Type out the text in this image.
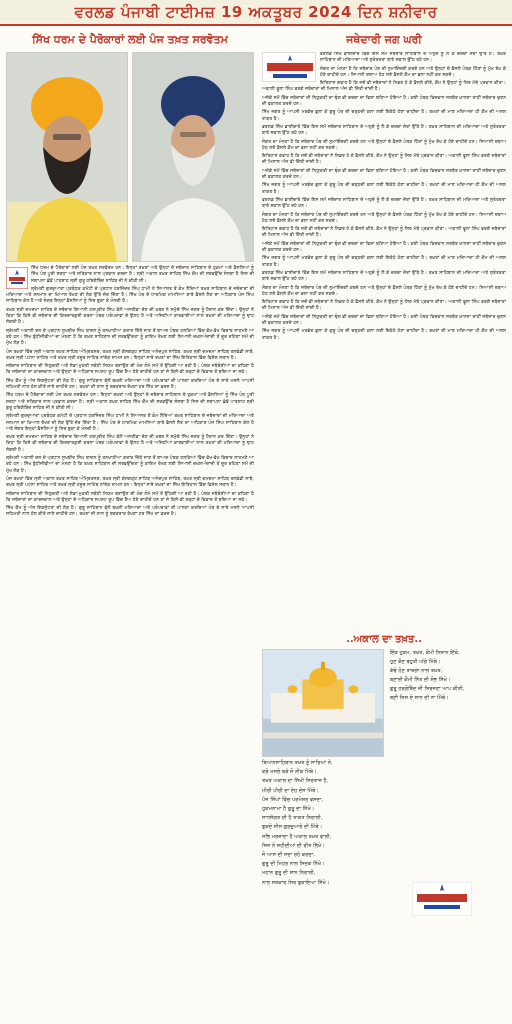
ਵਰਲਡ ਪੰਜਾਬੀ ਟਾਈਮਜ਼ 19 ਅਕਤੂਬਰ 2024 ਦਿਨ ਸ਼ਨੀਵਾਰ
ਸਿੱਖ ਧਰਮ ਦੇ ਪੈਰੋਕਾਰਾਂ ਲਈ ਪੰਜ ਤਖ਼ਤ ਸਰਵੋਤਮ

ਸਿੱਖ ਧਰਮ ਦੇ ਪੈਰੋਕਾਰਾਂ ਲਈ ਪੰਜ ਤਖ਼ਤ ਸਰਵੋਤਮ ਹਨ। ਇਨ੍ਹਾਂ ਤਖ਼ਤਾਂ ਅਤੇ ਉਨ੍ਹਾਂ ਦੇ ਜਥੇਦਾਰ ਸਾਹਿਬਾਨ ਦੇ ਹੁਕਮਾਂ ਅਤੇ ਫ਼ੈਸਲਿਆਂ ਨੂੰ ਸਿੱਖ ਪੰਥ ਪੂਰੀ ਸ਼ਰਧਾ ਅਤੇ ਸਤਿਕਾਰ ਨਾਲ ਪ੍ਰਵਾਨ ਕਰਦਾ ਹੈ। ਸ੍ਰੀ ਅਕਾਲ ਤਖ਼ਤ ਸਾਹਿਬ ਸਿੱਖ ਕੌਮ ਦੀ ਸਰਵਉੱਚ ਸੰਸਥਾ ਹੈ ਜਿਸ ਦੀ ਸਥਾਪਨਾ ਛੇਵੇਂ ਪਾਤਸ਼ਾਹ ਸ੍ਰੀ ਗੁਰੂ ਹਰਿਗੋਬਿੰਦ ਸਾਹਿਬ ਜੀ ਨੇ ਕੀਤੀ ਸੀ।

ਸ਼੍ਰੋਮਣੀ ਗੁਰਦੁਆਰਾ ਪ੍ਰਬੰਧਕ ਕਮੇਟੀ ਦੇ ਪ੍ਰਧਾਨ ਹਰਜਿੰਦਰ ਸਿੰਘ ਧਾਮੀ ਨੇ ਸਿਆਸਤ ਤੋਂ ਕੰਮ ਲੈਂਦਿਆਂ ਤਖ਼ਤ ਸਾਹਿਬਾਨ ਦੇ ਜਥੇਦਾਰਾਂ ਦੀ ਮਰਿਆਦਾ ਅਤੇ ਸਨਮਾਨ ਦਾ ਖ਼ਿਆਲ ਰੱਖਣ ਦੀ ਲੋੜ ਉੱਤੇ ਜ਼ੋਰ ਦਿੱਤਾ ਹੈ। ਸਿੱਖ ਪੰਥ ਦੇ ਧਾਰਮਿਕ ਮਾਮਲਿਆਂ ਬਾਰੇ ਫ਼ੈਸਲੇ ਲੈਣ ਦਾ ਅਧਿਕਾਰ ਪੰਜ ਸਿੰਘ ਸਾਹਿਬਾਨ ਕੋਲ ਹੈ ਅਤੇ ਸੰਗਤ ਇਨ੍ਹਾਂ ਫ਼ੈਸਲਿਆਂ ਨੂੰ ਸਿਰ ਝੁਕਾ ਕੇ ਮੰਨਦੀ ਹੈ।

ਤਖ਼ਤ ਸ੍ਰੀ ਦਮਦਮਾ ਸਾਹਿਬ ਦੇ ਜਥੇਦਾਰ ਗਿਆਨੀ ਹਰਪ੍ਰੀਤ ਸਿੰਘ ਵੱਲੋਂ ਅਸਤੀਫ਼ਾ ਦੇਣ ਦੀ ਖ਼ਬਰ ਨੇ ਸਮੁੱਚੇ ਸਿੱਖ ਜਗਤ ਨੂੰ ਹੈਰਾਨ ਕਰ ਦਿੱਤਾ। ਉਨ੍ਹਾਂ ਨੇ ਕਿਹਾ ਕਿ ਕਿਸੇ ਵੀ ਜਥੇਦਾਰ ਦੀ ਕਿਰਦਾਰਕੁਸ਼ੀ ਕਰਨਾ ਪੰਥਕ ਪਰੰਪਰਾਵਾਂ ਦੇ ਉਲਟ ਹੈ ਅਤੇ ਅਜਿਹੀਆਂ ਕਾਰਵਾਈਆਂ ਨਾਲ ਤਖ਼ਤਾਂ ਦੀ ਮਰਿਆਦਾ ਨੂੰ ਢਾਹ ਲੱਗਦੀ ਹੈ।

ਸ਼੍ਰੋਮਣੀ ਅਕਾਲੀ ਦਲ ਦੇ ਪ੍ਰਧਾਨ ਸੁਖਬੀਰ ਸਿੰਘ ਬਾਦਲ ਨੂੰ ਤਨਖ਼ਾਹੀਆ ਕਰਾਰ ਦਿੱਤੇ ਜਾਣ ਤੋਂ ਬਾਅਦ ਪੰਥਕ ਹਲਕਿਆਂ ਵਿੱਚ ਵੱਖ-ਵੱਖ ਵਿਚਾਰ ਸਾਹਮਣੇ ਆ ਰਹੇ ਹਨ। ਸਿੱਖ ਬੁੱਧੀਜੀਵੀਆਂ ਦਾ ਮੰਨਣਾ ਹੈ ਕਿ ਤਖ਼ਤ ਸਾਹਿਬਾਨ ਦੀ ਸਰਵਉੱਚਤਾ ਨੂੰ ਕਾਇਮ ਰੱਖਣ ਲਈ ਸਿਆਸੀ ਦਖ਼ਲਅੰਦਾਜ਼ੀ ਤੋਂ ਦੂਰ ਰਹਿਣਾ ਸਮੇਂ ਦੀ ਮੁੱਖ ਲੋੜ ਹੈ।

ਪੰਜ ਤਖ਼ਤਾਂ ਵਿੱਚ ਸ੍ਰੀ ਅਕਾਲ ਤਖ਼ਤ ਸਾਹਿਬ ਅੰਮ੍ਰਿਤਸਰ, ਤਖ਼ਤ ਸ੍ਰੀ ਕੇਸਗੜ੍ਹ ਸਾਹਿਬ ਅਨੰਦਪੁਰ ਸਾਹਿਬ, ਤਖ਼ਤ ਸ੍ਰੀ ਦਮਦਮਾ ਸਾਹਿਬ ਤਲਵੰਡੀ ਸਾਬੋ, ਤਖ਼ਤ ਸ੍ਰੀ ਪਟਨਾ ਸਾਹਿਬ ਅਤੇ ਤਖ਼ਤ ਸ੍ਰੀ ਹਜ਼ੂਰ ਸਾਹਿਬ ਨਾਂਦੇੜ ਸ਼ਾਮਲ ਹਨ। ਇਨ੍ਹਾਂ ਸਾਰੇ ਤਖ਼ਤਾਂ ਦਾ ਸਿੱਖ ਇਤਿਹਾਸ ਵਿੱਚ ਵਿਸ਼ੇਸ਼ ਸਥਾਨ ਹੈ।

ਜਥੇਦਾਰ ਸਾਹਿਬਾਨ ਦੀ ਨਿਯੁਕਤੀ ਅਤੇ ਸੇਵਾ-ਮੁਕਤੀ ਸਬੰਧੀ ਨਿਯਮ ਬਣਾਉਣ ਦੀ ਮੰਗ ਲੰਮੇ ਸਮੇਂ ਤੋਂ ਉੱਠਦੀ ਆ ਰਹੀ ਹੈ। ਪੰਥਕ ਜਥੇਬੰਦੀਆਂ ਦਾ ਕਹਿਣਾ ਹੈ ਕਿ ਜਥੇਦਾਰਾਂ ਦਾ ਕਾਰਜਕਾਲ ਅਤੇ ਉਨ੍ਹਾਂ ਦੇ ਅਧਿਕਾਰ ਸਪਸ਼ਟ ਰੂਪ ਵਿੱਚ ਤੈਅ ਹੋਣੇ ਚਾਹੀਦੇ ਹਨ ਤਾਂ ਜੋ ਕਿਸੇ ਵੀ ਤਰ੍ਹਾਂ ਦੇ ਵਿਵਾਦ ਤੋਂ ਬਚਿਆ ਜਾ ਸਕੇ।

ਸਿੱਖ ਕੌਮ ਨੂੰ ਅੱਜ ਇਕਜੁੱਟਤਾ ਦੀ ਲੋੜ ਹੈ। ਗੁਰੂ ਸਾਹਿਬਾਨ ਵੱਲੋਂ ਬਖ਼ਸ਼ੀ ਮਰਿਆਦਾ ਅਤੇ ਪਰੰਪਰਾਵਾਂ ਦੀ ਪਾਲਣਾ ਕਰਦਿਆਂ ਪੰਥ ਦੇ ਸਾਰੇ ਮਸਲੇ ਆਪਸੀ ਸਹਿਮਤੀ ਨਾਲ ਹੱਲ ਕੀਤੇ ਜਾਣੇ ਚਾਹੀਦੇ ਹਨ। ਤਖ਼ਤਾਂ ਦੀ ਸ਼ਾਨ ਨੂੰ ਬਰਕਰਾਰ ਰੱਖਣਾ ਹਰ ਸਿੱਖ ਦਾ ਫ਼ਰਜ਼ ਹੈ।

ਸਿੱਖ ਧਰਮ ਦੇ ਪੈਰੋਕਾਰਾਂ ਲਈ ਪੰਜ ਤਖ਼ਤ ਸਰਵੋਤਮ ਹਨ। ਇਨ੍ਹਾਂ ਤਖ਼ਤਾਂ ਅਤੇ ਉਨ੍ਹਾਂ ਦੇ ਜਥੇਦਾਰ ਸਾਹਿਬਾਨ ਦੇ ਹੁਕਮਾਂ ਅਤੇ ਫ਼ੈਸਲਿਆਂ ਨੂੰ ਸਿੱਖ ਪੰਥ ਪੂਰੀ ਸ਼ਰਧਾ ਅਤੇ ਸਤਿਕਾਰ ਨਾਲ ਪ੍ਰਵਾਨ ਕਰਦਾ ਹੈ। ਸ੍ਰੀ ਅਕਾਲ ਤਖ਼ਤ ਸਾਹਿਬ ਸਿੱਖ ਕੌਮ ਦੀ ਸਰਵਉੱਚ ਸੰਸਥਾ ਹੈ ਜਿਸ ਦੀ ਸਥਾਪਨਾ ਛੇਵੇਂ ਪਾਤਸ਼ਾਹ ਸ੍ਰੀ ਗੁਰੂ ਹਰਿਗੋਬਿੰਦ ਸਾਹਿਬ ਜੀ ਨੇ ਕੀਤੀ ਸੀ।

ਸ਼੍ਰੋਮਣੀ ਗੁਰਦੁਆਰਾ ਪ੍ਰਬੰਧਕ ਕਮੇਟੀ ਦੇ ਪ੍ਰਧਾਨ ਹਰਜਿੰਦਰ ਸਿੰਘ ਧਾਮੀ ਨੇ ਸਿਆਸਤ ਤੋਂ ਕੰਮ ਲੈਂਦਿਆਂ ਤਖ਼ਤ ਸਾਹਿਬਾਨ ਦੇ ਜਥੇਦਾਰਾਂ ਦੀ ਮਰਿਆਦਾ ਅਤੇ ਸਨਮਾਨ ਦਾ ਖ਼ਿਆਲ ਰੱਖਣ ਦੀ ਲੋੜ ਉੱਤੇ ਜ਼ੋਰ ਦਿੱਤਾ ਹੈ। ਸਿੱਖ ਪੰਥ ਦੇ ਧਾਰਮਿਕ ਮਾਮਲਿਆਂ ਬਾਰੇ ਫ਼ੈਸਲੇ ਲੈਣ ਦਾ ਅਧਿਕਾਰ ਪੰਜ ਸਿੰਘ ਸਾਹਿਬਾਨ ਕੋਲ ਹੈ ਅਤੇ ਸੰਗਤ ਇਨ੍ਹਾਂ ਫ਼ੈਸਲਿਆਂ ਨੂੰ ਸਿਰ ਝੁਕਾ ਕੇ ਮੰਨਦੀ ਹੈ।

ਤਖ਼ਤ ਸ੍ਰੀ ਦਮਦਮਾ ਸਾਹਿਬ ਦੇ ਜਥੇਦਾਰ ਗਿਆਨੀ ਹਰਪ੍ਰੀਤ ਸਿੰਘ ਵੱਲੋਂ ਅਸਤੀਫ਼ਾ ਦੇਣ ਦੀ ਖ਼ਬਰ ਨੇ ਸਮੁੱਚੇ ਸਿੱਖ ਜਗਤ ਨੂੰ ਹੈਰਾਨ ਕਰ ਦਿੱਤਾ। ਉਨ੍ਹਾਂ ਨੇ ਕਿਹਾ ਕਿ ਕਿਸੇ ਵੀ ਜਥੇਦਾਰ ਦੀ ਕਿਰਦਾਰਕੁਸ਼ੀ ਕਰਨਾ ਪੰਥਕ ਪਰੰਪਰਾਵਾਂ ਦੇ ਉਲਟ ਹੈ ਅਤੇ ਅਜਿਹੀਆਂ ਕਾਰਵਾਈਆਂ ਨਾਲ ਤਖ਼ਤਾਂ ਦੀ ਮਰਿਆਦਾ ਨੂੰ ਢਾਹ ਲੱਗਦੀ ਹੈ।

ਸ਼੍ਰੋਮਣੀ ਅਕਾਲੀ ਦਲ ਦੇ ਪ੍ਰਧਾਨ ਸੁਖਬੀਰ ਸਿੰਘ ਬਾਦਲ ਨੂੰ ਤਨਖ਼ਾਹੀਆ ਕਰਾਰ ਦਿੱਤੇ ਜਾਣ ਤੋਂ ਬਾਅਦ ਪੰਥਕ ਹਲਕਿਆਂ ਵਿੱਚ ਵੱਖ-ਵੱਖ ਵਿਚਾਰ ਸਾਹਮਣੇ ਆ ਰਹੇ ਹਨ। ਸਿੱਖ ਬੁੱਧੀਜੀਵੀਆਂ ਦਾ ਮੰਨਣਾ ਹੈ ਕਿ ਤਖ਼ਤ ਸਾਹਿਬਾਨ ਦੀ ਸਰਵਉੱਚਤਾ ਨੂੰ ਕਾਇਮ ਰੱਖਣ ਲਈ ਸਿਆਸੀ ਦਖ਼ਲਅੰਦਾਜ਼ੀ ਤੋਂ ਦੂਰ ਰਹਿਣਾ ਸਮੇਂ ਦੀ ਮੁੱਖ ਲੋੜ ਹੈ।

ਪੰਜ ਤਖ਼ਤਾਂ ਵਿੱਚ ਸ੍ਰੀ ਅਕਾਲ ਤਖ਼ਤ ਸਾਹਿਬ ਅੰਮ੍ਰਿਤਸਰ, ਤਖ਼ਤ ਸ੍ਰੀ ਕੇਸਗੜ੍ਹ ਸਾਹਿਬ ਅਨੰਦਪੁਰ ਸਾਹਿਬ, ਤਖ਼ਤ ਸ੍ਰੀ ਦਮਦਮਾ ਸਾਹਿਬ ਤਲਵੰਡੀ ਸਾਬੋ, ਤਖ਼ਤ ਸ੍ਰੀ ਪਟਨਾ ਸਾਹਿਬ ਅਤੇ ਤਖ਼ਤ ਸ੍ਰੀ ਹਜ਼ੂਰ ਸਾਹਿਬ ਨਾਂਦੇੜ ਸ਼ਾਮਲ ਹਨ। ਇਨ੍ਹਾਂ ਸਾਰੇ ਤਖ਼ਤਾਂ ਦਾ ਸਿੱਖ ਇਤਿਹਾਸ ਵਿੱਚ ਵਿਸ਼ੇਸ਼ ਸਥਾਨ ਹੈ।

ਜਥੇਦਾਰ ਸਾਹਿਬਾਨ ਦੀ ਨਿਯੁਕਤੀ ਅਤੇ ਸੇਵਾ-ਮੁਕਤੀ ਸਬੰਧੀ ਨਿਯਮ ਬਣਾਉਣ ਦੀ ਮੰਗ ਲੰਮੇ ਸਮੇਂ ਤੋਂ ਉੱਠਦੀ ਆ ਰਹੀ ਹੈ। ਪੰਥਕ ਜਥੇਬੰਦੀਆਂ ਦਾ ਕਹਿਣਾ ਹੈ ਕਿ ਜਥੇਦਾਰਾਂ ਦਾ ਕਾਰਜਕਾਲ ਅਤੇ ਉਨ੍ਹਾਂ ਦੇ ਅਧਿਕਾਰ ਸਪਸ਼ਟ ਰੂਪ ਵਿੱਚ ਤੈਅ ਹੋਣੇ ਚਾਹੀਦੇ ਹਨ ਤਾਂ ਜੋ ਕਿਸੇ ਵੀ ਤਰ੍ਹਾਂ ਦੇ ਵਿਵਾਦ ਤੋਂ ਬਚਿਆ ਜਾ ਸਕੇ।

ਸਿੱਖ ਕੌਮ ਨੂੰ ਅੱਜ ਇਕਜੁੱਟਤਾ ਦੀ ਲੋੜ ਹੈ। ਗੁਰੂ ਸਾਹਿਬਾਨ ਵੱਲੋਂ ਬਖ਼ਸ਼ੀ ਮਰਿਆਦਾ ਅਤੇ ਪਰੰਪਰਾਵਾਂ ਦੀ ਪਾਲਣਾ ਕਰਦਿਆਂ ਪੰਥ ਦੇ ਸਾਰੇ ਮਸਲੇ ਆਪਸੀ ਸਹਿਮਤੀ ਨਾਲ ਹੱਲ ਕੀਤੇ ਜਾਣੇ ਚਾਹੀਦੇ ਹਨ। ਤਖ਼ਤਾਂ ਦੀ ਸ਼ਾਨ ਨੂੰ ਬਰਕਰਾਰ ਰੱਖਣਾ ਹਰ ਸਿੱਖ ਦਾ ਫ਼ਰਜ਼ ਹੈ।

ਜਥੇਦਾਰੀ ਜਗ ਘਰੀ

ਵਰਲਡ ਸਿੱਖ ਭਾਈਚਾਰੇ ਵਿੱਚ ਇਸ ਸਮੇਂ ਜਥੇਦਾਰ ਸਾਹਿਬਾਨ ਦੇ ਅਹੁਦੇ ਨੂੰ ਲੈ ਕੇ ਚਰਚਾ ਜ਼ੋਰਾਂ ਉੱਤੇ ਹੈ। ਤਖ਼ਤ ਸਾਹਿਬਾਨ ਦੀ ਮਰਿਆਦਾ ਅਤੇ ਸੁਤੰਤਰਤਾ ਬਾਰੇ ਸਵਾਲ ਉੱਠ ਰਹੇ ਹਨ।

ਸੰਗਤ ਦਾ ਮੰਨਣਾ ਹੈ ਕਿ ਜਥੇਦਾਰ ਪੰਥ ਦੀ ਨੁਮਾਇੰਦਗੀ ਕਰਦੇ ਹਨ ਅਤੇ ਉਨ੍ਹਾਂ ਦੇ ਫ਼ੈਸਲੇ ਪੰਥਕ ਹਿੱਤਾਂ ਨੂੰ ਮੁੱਖ ਰੱਖ ਕੇ ਹੋਣੇ ਚਾਹੀਦੇ ਹਨ। ਸਿਆਸੀ ਦਬਾਅ ਹੇਠ ਲਏ ਫ਼ੈਸਲੇ ਕੌਮ ਦਾ ਭਲਾ ਨਹੀਂ ਕਰ ਸਕਦੇ।

ਇਤਿਹਾਸ ਗਵਾਹ ਹੈ ਕਿ ਜਦੋਂ ਵੀ ਜਥੇਦਾਰਾਂ ਨੇ ਨਿਡਰ ਹੋ ਕੇ ਫ਼ੈਸਲੇ ਕੀਤੇ, ਕੌਮ ਨੇ ਉਨ੍ਹਾਂ ਨੂੰ ਸਿਰ ਮੱਥੇ ਪ੍ਰਵਾਨ ਕੀਤਾ। ਅਕਾਲੀ ਫੂਲਾ ਸਿੰਘ ਵਰਗੇ ਜਥੇਦਾਰਾਂ ਦੀ ਮਿਸਾਲ ਅੱਜ ਵੀ ਦਿੱਤੀ ਜਾਂਦੀ ਹੈ।

ਅਜੋਕੇ ਸਮੇਂ ਵਿੱਚ ਜਥੇਦਾਰਾਂ ਦੀ ਨਿਯੁਕਤੀ ਦਾ ਢੰਗ ਵੀ ਚਰਚਾ ਦਾ ਵਿਸ਼ਾ ਬਣਿਆ ਹੋਇਆ ਹੈ। ਕਈ ਪੰਥਕ ਵਿਦਵਾਨ ਸਰਬੱਤ ਖ਼ਾਲਸਾ ਰਾਹੀਂ ਜਥੇਦਾਰ ਚੁਣਨ ਦੀ ਵਕਾਲਤ ਕਰਦੇ ਹਨ।

ਸਿੱਖ ਜਗਤ ਨੂੰ ਆਪਸੀ ਮਤਭੇਦ ਭੁਲਾ ਕੇ ਗੁਰੂ ਪੰਥ ਦੀ ਚੜ੍ਹਦੀ ਕਲਾ ਲਈ ਇਕੱਠੇ ਹੋਣਾ ਚਾਹੀਦਾ ਹੈ। ਤਖ਼ਤਾਂ ਦੀ ਮਾਣ ਮਰਿਆਦਾ ਹੀ ਕੌਮ ਦੀ ਅਸਲ ਤਾਕਤ ਹੈ।

ਵਰਲਡ ਸਿੱਖ ਭਾਈਚਾਰੇ ਵਿੱਚ ਇਸ ਸਮੇਂ ਜਥੇਦਾਰ ਸਾਹਿਬਾਨ ਦੇ ਅਹੁਦੇ ਨੂੰ ਲੈ ਕੇ ਚਰਚਾ ਜ਼ੋਰਾਂ ਉੱਤੇ ਹੈ। ਤਖ਼ਤ ਸਾਹਿਬਾਨ ਦੀ ਮਰਿਆਦਾ ਅਤੇ ਸੁਤੰਤਰਤਾ ਬਾਰੇ ਸਵਾਲ ਉੱਠ ਰਹੇ ਹਨ।

ਸੰਗਤ ਦਾ ਮੰਨਣਾ ਹੈ ਕਿ ਜਥੇਦਾਰ ਪੰਥ ਦੀ ਨੁਮਾਇੰਦਗੀ ਕਰਦੇ ਹਨ ਅਤੇ ਉਨ੍ਹਾਂ ਦੇ ਫ਼ੈਸਲੇ ਪੰਥਕ ਹਿੱਤਾਂ ਨੂੰ ਮੁੱਖ ਰੱਖ ਕੇ ਹੋਣੇ ਚਾਹੀਦੇ ਹਨ। ਸਿਆਸੀ ਦਬਾਅ ਹੇਠ ਲਏ ਫ਼ੈਸਲੇ ਕੌਮ ਦਾ ਭਲਾ ਨਹੀਂ ਕਰ ਸਕਦੇ।

ਇਤਿਹਾਸ ਗਵਾਹ ਹੈ ਕਿ ਜਦੋਂ ਵੀ ਜਥੇਦਾਰਾਂ ਨੇ ਨਿਡਰ ਹੋ ਕੇ ਫ਼ੈਸਲੇ ਕੀਤੇ, ਕੌਮ ਨੇ ਉਨ੍ਹਾਂ ਨੂੰ ਸਿਰ ਮੱਥੇ ਪ੍ਰਵਾਨ ਕੀਤਾ। ਅਕਾਲੀ ਫੂਲਾ ਸਿੰਘ ਵਰਗੇ ਜਥੇਦਾਰਾਂ ਦੀ ਮਿਸਾਲ ਅੱਜ ਵੀ ਦਿੱਤੀ ਜਾਂਦੀ ਹੈ।

ਅਜੋਕੇ ਸਮੇਂ ਵਿੱਚ ਜਥੇਦਾਰਾਂ ਦੀ ਨਿਯੁਕਤੀ ਦਾ ਢੰਗ ਵੀ ਚਰਚਾ ਦਾ ਵਿਸ਼ਾ ਬਣਿਆ ਹੋਇਆ ਹੈ। ਕਈ ਪੰਥਕ ਵਿਦਵਾਨ ਸਰਬੱਤ ਖ਼ਾਲਸਾ ਰਾਹੀਂ ਜਥੇਦਾਰ ਚੁਣਨ ਦੀ ਵਕਾਲਤ ਕਰਦੇ ਹਨ।

ਸਿੱਖ ਜਗਤ ਨੂੰ ਆਪਸੀ ਮਤਭੇਦ ਭੁਲਾ ਕੇ ਗੁਰੂ ਪੰਥ ਦੀ ਚੜ੍ਹਦੀ ਕਲਾ ਲਈ ਇਕੱਠੇ ਹੋਣਾ ਚਾਹੀਦਾ ਹੈ। ਤਖ਼ਤਾਂ ਦੀ ਮਾਣ ਮਰਿਆਦਾ ਹੀ ਕੌਮ ਦੀ ਅਸਲ ਤਾਕਤ ਹੈ।

ਵਰਲਡ ਸਿੱਖ ਭਾਈਚਾਰੇ ਵਿੱਚ ਇਸ ਸਮੇਂ ਜਥੇਦਾਰ ਸਾਹਿਬਾਨ ਦੇ ਅਹੁਦੇ ਨੂੰ ਲੈ ਕੇ ਚਰਚਾ ਜ਼ੋਰਾਂ ਉੱਤੇ ਹੈ। ਤਖ਼ਤ ਸਾਹਿਬਾਨ ਦੀ ਮਰਿਆਦਾ ਅਤੇ ਸੁਤੰਤਰਤਾ ਬਾਰੇ ਸਵਾਲ ਉੱਠ ਰਹੇ ਹਨ।

ਸੰਗਤ ਦਾ ਮੰਨਣਾ ਹੈ ਕਿ ਜਥੇਦਾਰ ਪੰਥ ਦੀ ਨੁਮਾਇੰਦਗੀ ਕਰਦੇ ਹਨ ਅਤੇ ਉਨ੍ਹਾਂ ਦੇ ਫ਼ੈਸਲੇ ਪੰਥਕ ਹਿੱਤਾਂ ਨੂੰ ਮੁੱਖ ਰੱਖ ਕੇ ਹੋਣੇ ਚਾਹੀਦੇ ਹਨ। ਸਿਆਸੀ ਦਬਾਅ ਹੇਠ ਲਏ ਫ਼ੈਸਲੇ ਕੌਮ ਦਾ ਭਲਾ ਨਹੀਂ ਕਰ ਸਕਦੇ।

ਇਤਿਹਾਸ ਗਵਾਹ ਹੈ ਕਿ ਜਦੋਂ ਵੀ ਜਥੇਦਾਰਾਂ ਨੇ ਨਿਡਰ ਹੋ ਕੇ ਫ਼ੈਸਲੇ ਕੀਤੇ, ਕੌਮ ਨੇ ਉਨ੍ਹਾਂ ਨੂੰ ਸਿਰ ਮੱਥੇ ਪ੍ਰਵਾਨ ਕੀਤਾ। ਅਕਾਲੀ ਫੂਲਾ ਸਿੰਘ ਵਰਗੇ ਜਥੇਦਾਰਾਂ ਦੀ ਮਿਸਾਲ ਅੱਜ ਵੀ ਦਿੱਤੀ ਜਾਂਦੀ ਹੈ।

ਅਜੋਕੇ ਸਮੇਂ ਵਿੱਚ ਜਥੇਦਾਰਾਂ ਦੀ ਨਿਯੁਕਤੀ ਦਾ ਢੰਗ ਵੀ ਚਰਚਾ ਦਾ ਵਿਸ਼ਾ ਬਣਿਆ ਹੋਇਆ ਹੈ। ਕਈ ਪੰਥਕ ਵਿਦਵਾਨ ਸਰਬੱਤ ਖ਼ਾਲਸਾ ਰਾਹੀਂ ਜਥੇਦਾਰ ਚੁਣਨ ਦੀ ਵਕਾਲਤ ਕਰਦੇ ਹਨ।

ਸਿੱਖ ਜਗਤ ਨੂੰ ਆਪਸੀ ਮਤਭੇਦ ਭੁਲਾ ਕੇ ਗੁਰੂ ਪੰਥ ਦੀ ਚੜ੍ਹਦੀ ਕਲਾ ਲਈ ਇਕੱਠੇ ਹੋਣਾ ਚਾਹੀਦਾ ਹੈ। ਤਖ਼ਤਾਂ ਦੀ ਮਾਣ ਮਰਿਆਦਾ ਹੀ ਕੌਮ ਦੀ ਅਸਲ ਤਾਕਤ ਹੈ।

ਵਰਲਡ ਸਿੱਖ ਭਾਈਚਾਰੇ ਵਿੱਚ ਇਸ ਸਮੇਂ ਜਥੇਦਾਰ ਸਾਹਿਬਾਨ ਦੇ ਅਹੁਦੇ ਨੂੰ ਲੈ ਕੇ ਚਰਚਾ ਜ਼ੋਰਾਂ ਉੱਤੇ ਹੈ। ਤਖ਼ਤ ਸਾਹਿਬਾਨ ਦੀ ਮਰਿਆਦਾ ਅਤੇ ਸੁਤੰਤਰਤਾ ਬਾਰੇ ਸਵਾਲ ਉੱਠ ਰਹੇ ਹਨ।

ਸੰਗਤ ਦਾ ਮੰਨਣਾ ਹੈ ਕਿ ਜਥੇਦਾਰ ਪੰਥ ਦੀ ਨੁਮਾਇੰਦਗੀ ਕਰਦੇ ਹਨ ਅਤੇ ਉਨ੍ਹਾਂ ਦੇ ਫ਼ੈਸਲੇ ਪੰਥਕ ਹਿੱਤਾਂ ਨੂੰ ਮੁੱਖ ਰੱਖ ਕੇ ਹੋਣੇ ਚਾਹੀਦੇ ਹਨ। ਸਿਆਸੀ ਦਬਾਅ ਹੇਠ ਲਏ ਫ਼ੈਸਲੇ ਕੌਮ ਦਾ ਭਲਾ ਨਹੀਂ ਕਰ ਸਕਦੇ।

ਇਤਿਹਾਸ ਗਵਾਹ ਹੈ ਕਿ ਜਦੋਂ ਵੀ ਜਥੇਦਾਰਾਂ ਨੇ ਨਿਡਰ ਹੋ ਕੇ ਫ਼ੈਸਲੇ ਕੀਤੇ, ਕੌਮ ਨੇ ਉਨ੍ਹਾਂ ਨੂੰ ਸਿਰ ਮੱਥੇ ਪ੍ਰਵਾਨ ਕੀਤਾ। ਅਕਾਲੀ ਫੂਲਾ ਸਿੰਘ ਵਰਗੇ ਜਥੇਦਾਰਾਂ ਦੀ ਮਿਸਾਲ ਅੱਜ ਵੀ ਦਿੱਤੀ ਜਾਂਦੀ ਹੈ।

ਅਜੋਕੇ ਸਮੇਂ ਵਿੱਚ ਜਥੇਦਾਰਾਂ ਦੀ ਨਿਯੁਕਤੀ ਦਾ ਢੰਗ ਵੀ ਚਰਚਾ ਦਾ ਵਿਸ਼ਾ ਬਣਿਆ ਹੋਇਆ ਹੈ। ਕਈ ਪੰਥਕ ਵਿਦਵਾਨ ਸਰਬੱਤ ਖ਼ਾਲਸਾ ਰਾਹੀਂ ਜਥੇਦਾਰ ਚੁਣਨ ਦੀ ਵਕਾਲਤ ਕਰਦੇ ਹਨ।

ਸਿੱਖ ਜਗਤ ਨੂੰ ਆਪਸੀ ਮਤਭੇਦ ਭੁਲਾ ਕੇ ਗੁਰੂ ਪੰਥ ਦੀ ਚੜ੍ਹਦੀ ਕਲਾ ਲਈ ਇਕੱਠੇ ਹੋਣਾ ਚਾਹੀਦਾ ਹੈ। ਤਖ਼ਤਾਂ ਦੀ ਮਾਣ ਮਰਿਆਦਾ ਹੀ ਕੌਮ ਦੀ ਅਸਲ ਤਾਕਤ ਹੈ।

..ਅਕਾਲ ਦਾ ਤਖ਼ਤ..
ਇੱਕ ਹੁਕਮ, ਤਖ਼ਤ, ਕੌਮੀ ਨਿਸ਼ਾਨ ਇੱਕੋ,
ਹੁਣ ਕੌਣ ਬਹੁਤੀ ਅੱਗੇ ਮਿੱਥੇ।
ਕੱਢੇ ਹੋਣ ਤਾਜ਼ਗਾ ਨਾਲ ਤਖ਼ਤ,
ਬਣਾਈ ਕੌਮੀ ਨਿੱਤ ਦੀ ਸ਼ੋਭ ਸਿੱਖੇ।
ਗੁਰੂ ਹਰਗੋਬਿੰਦ ਜੀ ਸਿਰਜਣਾ ਆਪ ਕੀਤੀ,
ਬਣੀ ਜਿਸ ਦੇ ਸ਼ਾਨ ਦੀ ਨਾ ਮਿੱਥੇ।
ਬਿਆਨਸਾਹਿਬਾਨ ਤਖ਼ਤ ਨੂੰ ਸਾਰਿਆਂ ਨੇ,
ਕਰੇ ਮਸਲੇ ਬੜੇ ਜੋ ਨੀਕ ਮਿੱਥੇ।
ਤਖ਼ਤ ਅਕਾਲ ਦਾ ਸਿੱਖੀ ਸਿਰਤਾਜ ਹੈ,
ਮੀਰੀ ਪੀਰੀ ਦਾ ਏਹ ਦੇਸ ਮਿੱਥੇ।
ਪੰਜ ਸਿੰਘਾਂ ਵਿੱਚ ਪਰਮੇਸ਼ਰ ਵਸਦਾ,
ਹੁਕਮਨਾਮਾ ਹੈ ਗੁਰੂ ਦਾ ਸਿੱਖੇ।
ਸਾਧਸੰਗਤ ਦੀ ਹੈ ਤਾਕਤ ਨਿਰਾਲੀ,
ਝੁਕਦੇ ਸੀਸ ਗੁਰਦੁਆਰੇ ਦੀ ਮਿੱਥੇ।
ਸਭਿ ਮਰਜ਼ਾਦਾ ਹੈ ਅਕਾਲ ਤਖ਼ਤ ਵਾਲੀ,
ਜਿਸ ਨੇ ਸ਼ਹੀਦੀਆਂ ਦੀ ਰੀਤ ਲਿੱਖੇ।
ਜੋ ਆਸ ਦੀ ਸਦਾ ਰਹੇ ਕਰਦਾ,
ਗੁਰੂ ਦੀ ਮਿਹਰ ਨਾਲ ਸਿਦਕ ਨਿੱਖੇ।
ਮਹਾਨ ਗੁਰੂ ਦੀ ਸ਼ਾਨ ਨਿਰਾਲੀ,
ਨਾਲ ਸਤਕਾਰ ਸਿਰ ਝੁਕਾਇਆ ਸਿੱਖੇ।
